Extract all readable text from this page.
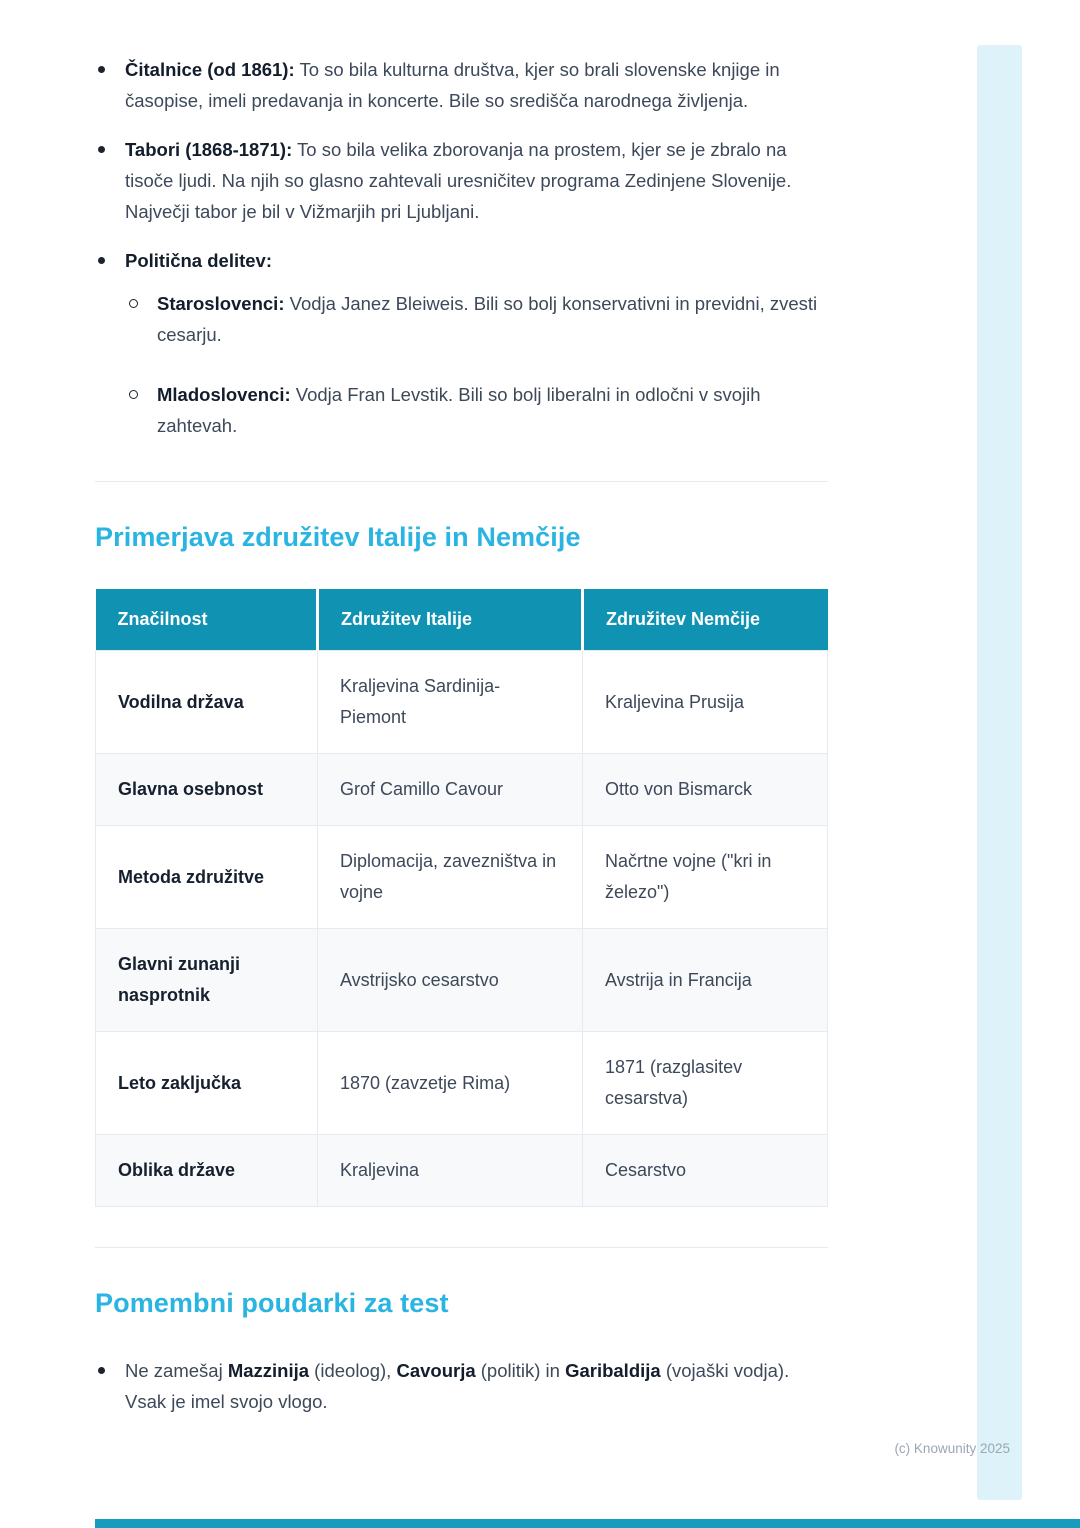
Čitalnice (od 1861): To so bila kulturna društva, kjer so brali slovenske knjige in časopise, imeli predavanja in koncerte. Bile so središča narodnega življenja.
Tabori (1868-1871): To so bila velika zborovanja na prostem, kjer se je zbralo na tisoče ljudi. Na njih so glasno zahtevali uresničitev programa Zedinjene Slovenije. Največji tabor je bil v Vižmarjih pri Ljubljani.
Politična delitev:
Staroslovenci: Vodja Janez Bleiweis. Bili so bolj konservativni in previdni, zvesti cesarju.
Mladoslovenci: Vodja Fran Levstik. Bili so bolj liberalni in odločni v svojih zahtevah.
Primerjava združitev Italije in Nemčije
Značilnost	Združitev Italije	Združitev Nemčije
Vodilna država	Kraljevina Sardinija-Piemont	Kraljevina Prusija
Glavna osebnost	Grof Camillo Cavour	Otto von Bismarck
Metoda združitve	Diplomacija, zavezništva in vojne	Načrtne vojne ("kri in železo")
Glavni zunanji nasprotnik	Avstrijsko cesarstvo	Avstrija in Francija
Leto zaključka	1870 (zavzetje Rima)	1871 (razglasitev cesarstva)
Oblika države	Kraljevina	Cesarstvo
Pomembni poudarki za test
Ne zamešaj Mazzinija (ideolog), Cavourja (politik) in Garibaldija (vojaški vodja). Vsak je imel svojo vlogo.
(c) Knowunity 2025
